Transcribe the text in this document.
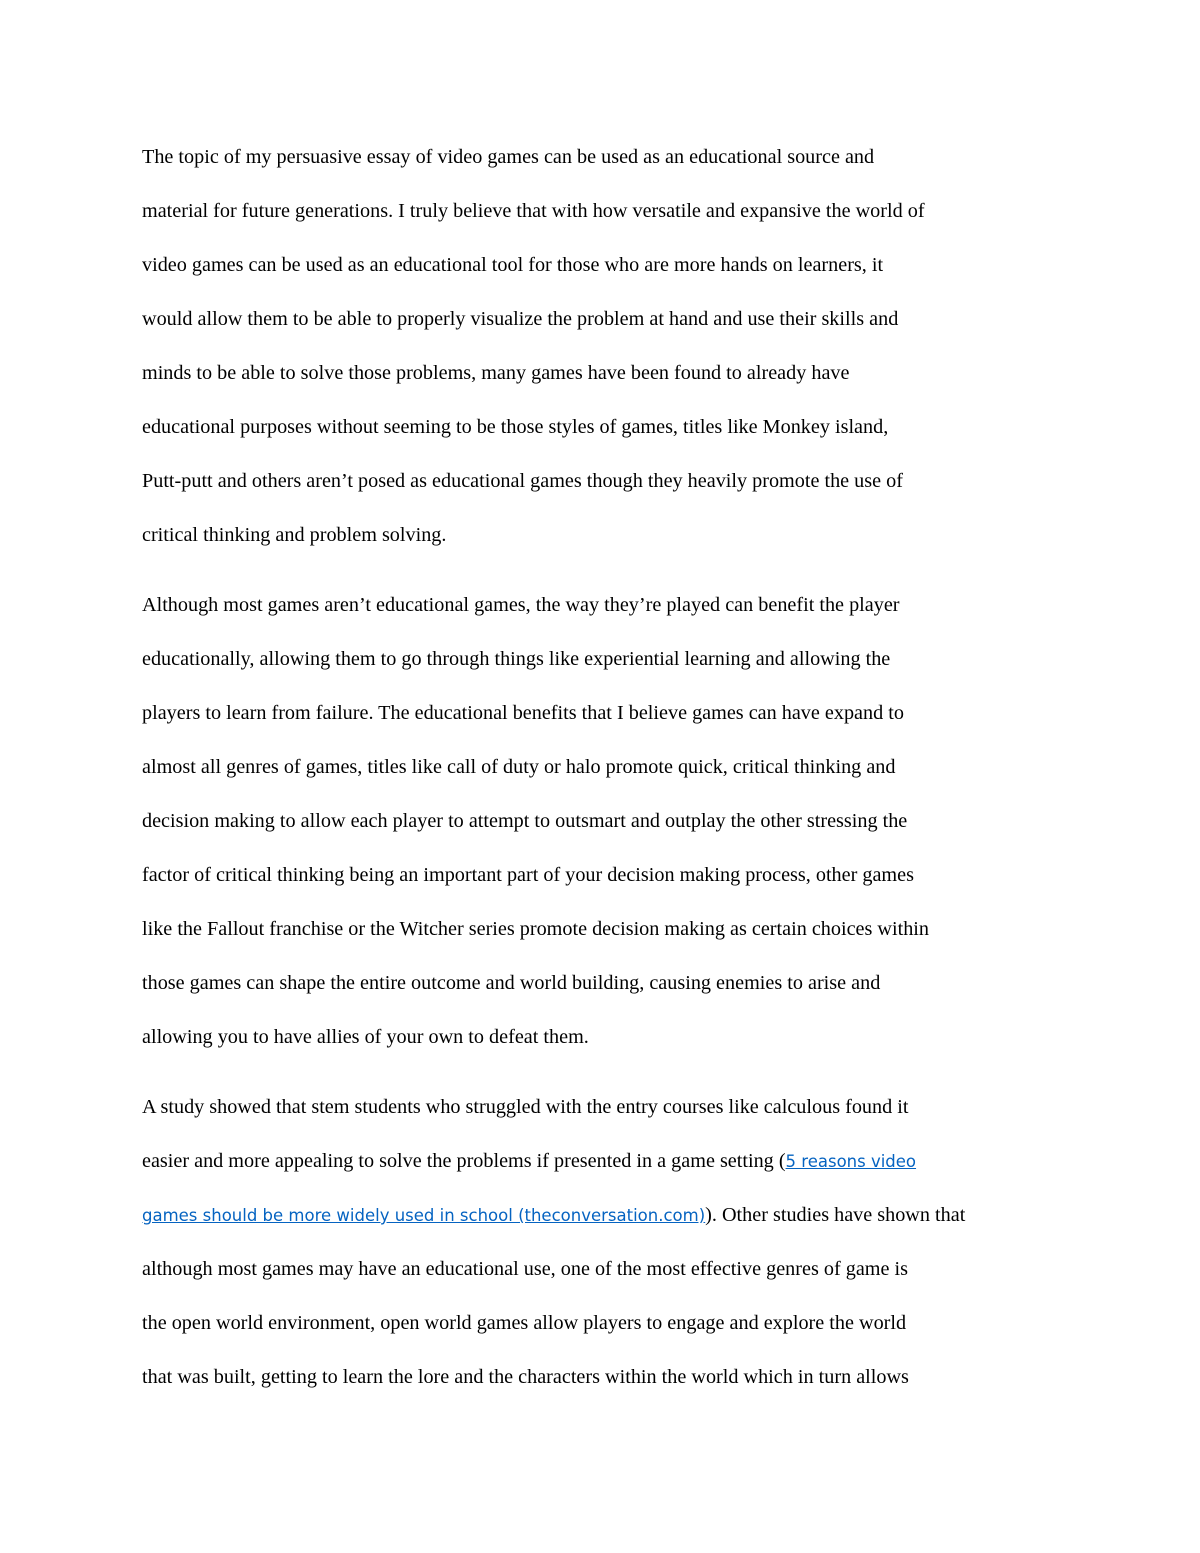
The topic of my persuasive essay of video games can be used as an educational source and
material for future generations. I truly believe that with how versatile and expansive the world of
video games can be used as an educational tool for those who are more hands on learners, it
would allow them to be able to properly visualize the problem at hand and use their skills and
minds to be able to solve those problems, many games have been found to already have
educational purposes without seeming to be those styles of games, titles like Monkey island,
Putt-putt and others aren’t posed as educational games though they heavily promote the use of
critical thinking and problem solving.
Although most games aren’t educational games, the way they’re played can benefit the player
educationally, allowing them to go through things like experiential learning and allowing the
players to learn from failure. The educational benefits that I believe games can have expand to
almost all genres of games, titles like call of duty or halo promote quick, critical thinking and
decision making to allow each player to attempt to outsmart and outplay the other stressing the
factor of critical thinking being an important part of your decision making process, other games
like the Fallout franchise or the Witcher series promote decision making as certain choices within
those games can shape the entire outcome and world building, causing enemies to arise and
allowing you to have allies of your own to defeat them.
A study showed that stem students who struggled with the entry courses like calculous found it
easier and more appealing to solve the problems if presented in a game setting (5 reasons video
games should be more widely used in school (theconversation.com)). Other studies have shown that
although most games may have an educational use, one of the most effective genres of game is
the open world environment, open world games allow players to engage and explore the world
that was built, getting to learn the lore and the characters within the world which in turn allows
